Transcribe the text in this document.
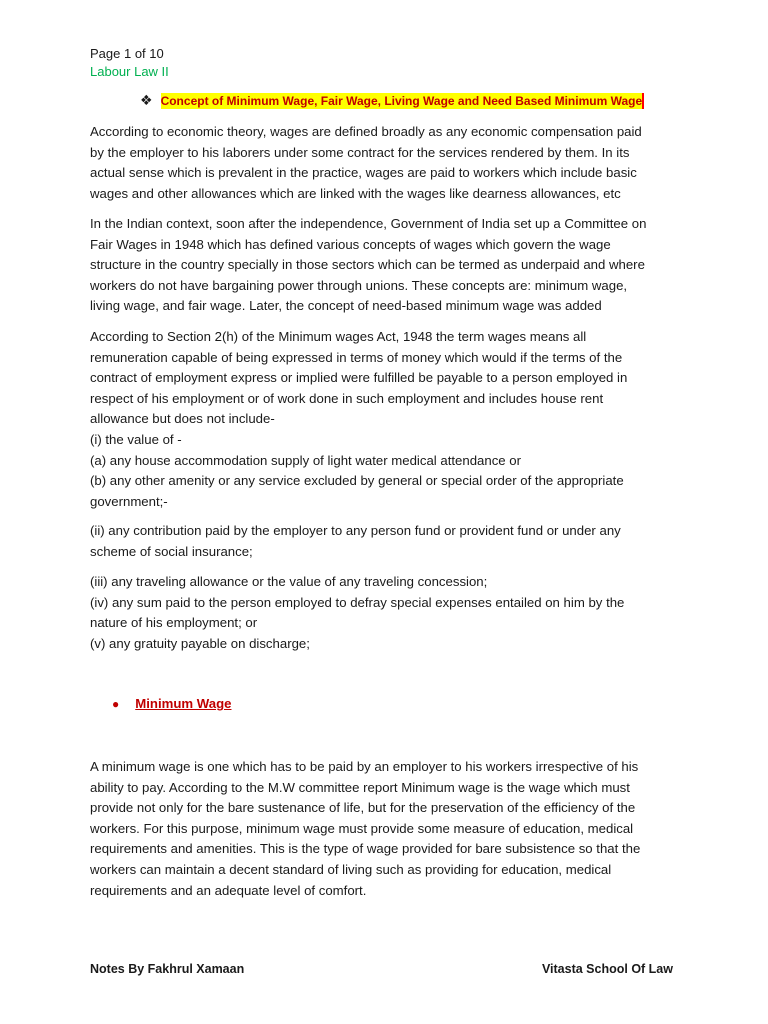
Page 1 of 10
Labour Law II
❖ Concept of Minimum Wage, Fair Wage, Living Wage and Need Based Minimum Wage

According to economic theory, wages are defined broadly as any economic compensation paid

by the employer to his laborers under some contract for the services rendered by them. In its

actual sense which is prevalent in the practice, wages are paid to workers which include basic

wages and other allowances which are linked with the wages like dearness allowances, etc

In the Indian context, soon after the independence, Government of India set up a Committee on

Fair Wages in 1948 which has defined various concepts of wages which govern the wage

structure in the country specially in those sectors which can be termed as underpaid and where

workers do not have bargaining power through unions. These concepts are: minimum wage,

living wage, and fair wage. Later, the concept of need-based minimum wage was added

According to Section 2(h) of the Minimum wages Act, 1948 the term wages means all

remuneration capable of being expressed in terms of money which would if the terms of the

contract of employment express or implied were fulfilled be payable to a person employed in

respect of his employment or of work done in such employment and includes house rent

allowance but does not include-

(i) the value of -

(a) any house accommodation supply of light water medical attendance or

(b) any other amenity or any service excluded by general or special order of the appropriate

government;-

(ii) any contribution paid by the employer to any person fund or provident fund or under any

scheme of social insurance;

(iii) any traveling allowance or the value of any traveling concession;

(iv) any sum paid to the person employed to defray special expenses entailed on him by the

nature of his employment; or

(v) any gratuity payable on discharge;

● Minimum Wage

A minimum wage is one which has to be paid by an employer to his workers irrespective of his

ability to pay. According to the M.W committee report Minimum wage is the wage which must

provide not only for the bare sustenance of life, but for the preservation of the efficiency of the

workers. For this purpose, minimum wage must provide some measure of education, medical

requirements and amenities. This is the type of wage provided for bare subsistence so that the

workers can maintain a decent standard of living such as providing for education, medical

requirements and an adequate level of comfort.

Notes By Fakhrul Xamaan	Vitasta School Of Law
